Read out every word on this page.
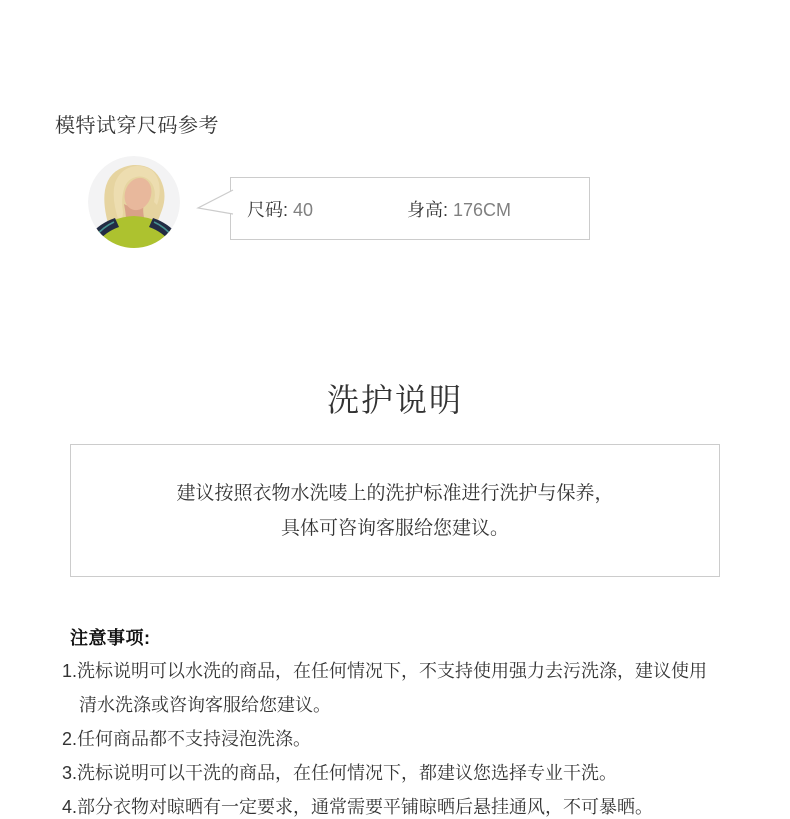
模特试穿尺码参考
尺码: 40	身高: 176CM
洗护说明
建议按照衣物水洗唛上的洗护标准进行洗护与保养，
具体可咨询客服给您建议。

注意事项:

1.洗标说明可以水洗的商品，在任何情况下，不支持使用强力去污洗涤，建议使用清水洗涤或咨询客服给您建议。

2.任何商品都不支持浸泡洗涤。

3.洗标说明可以干洗的商品，在任何情况下，都建议您选择专业干洗。

4.部分衣物对晾晒有一定要求，通常需要平铺晾晒后悬挂通风，不可暴晒。
